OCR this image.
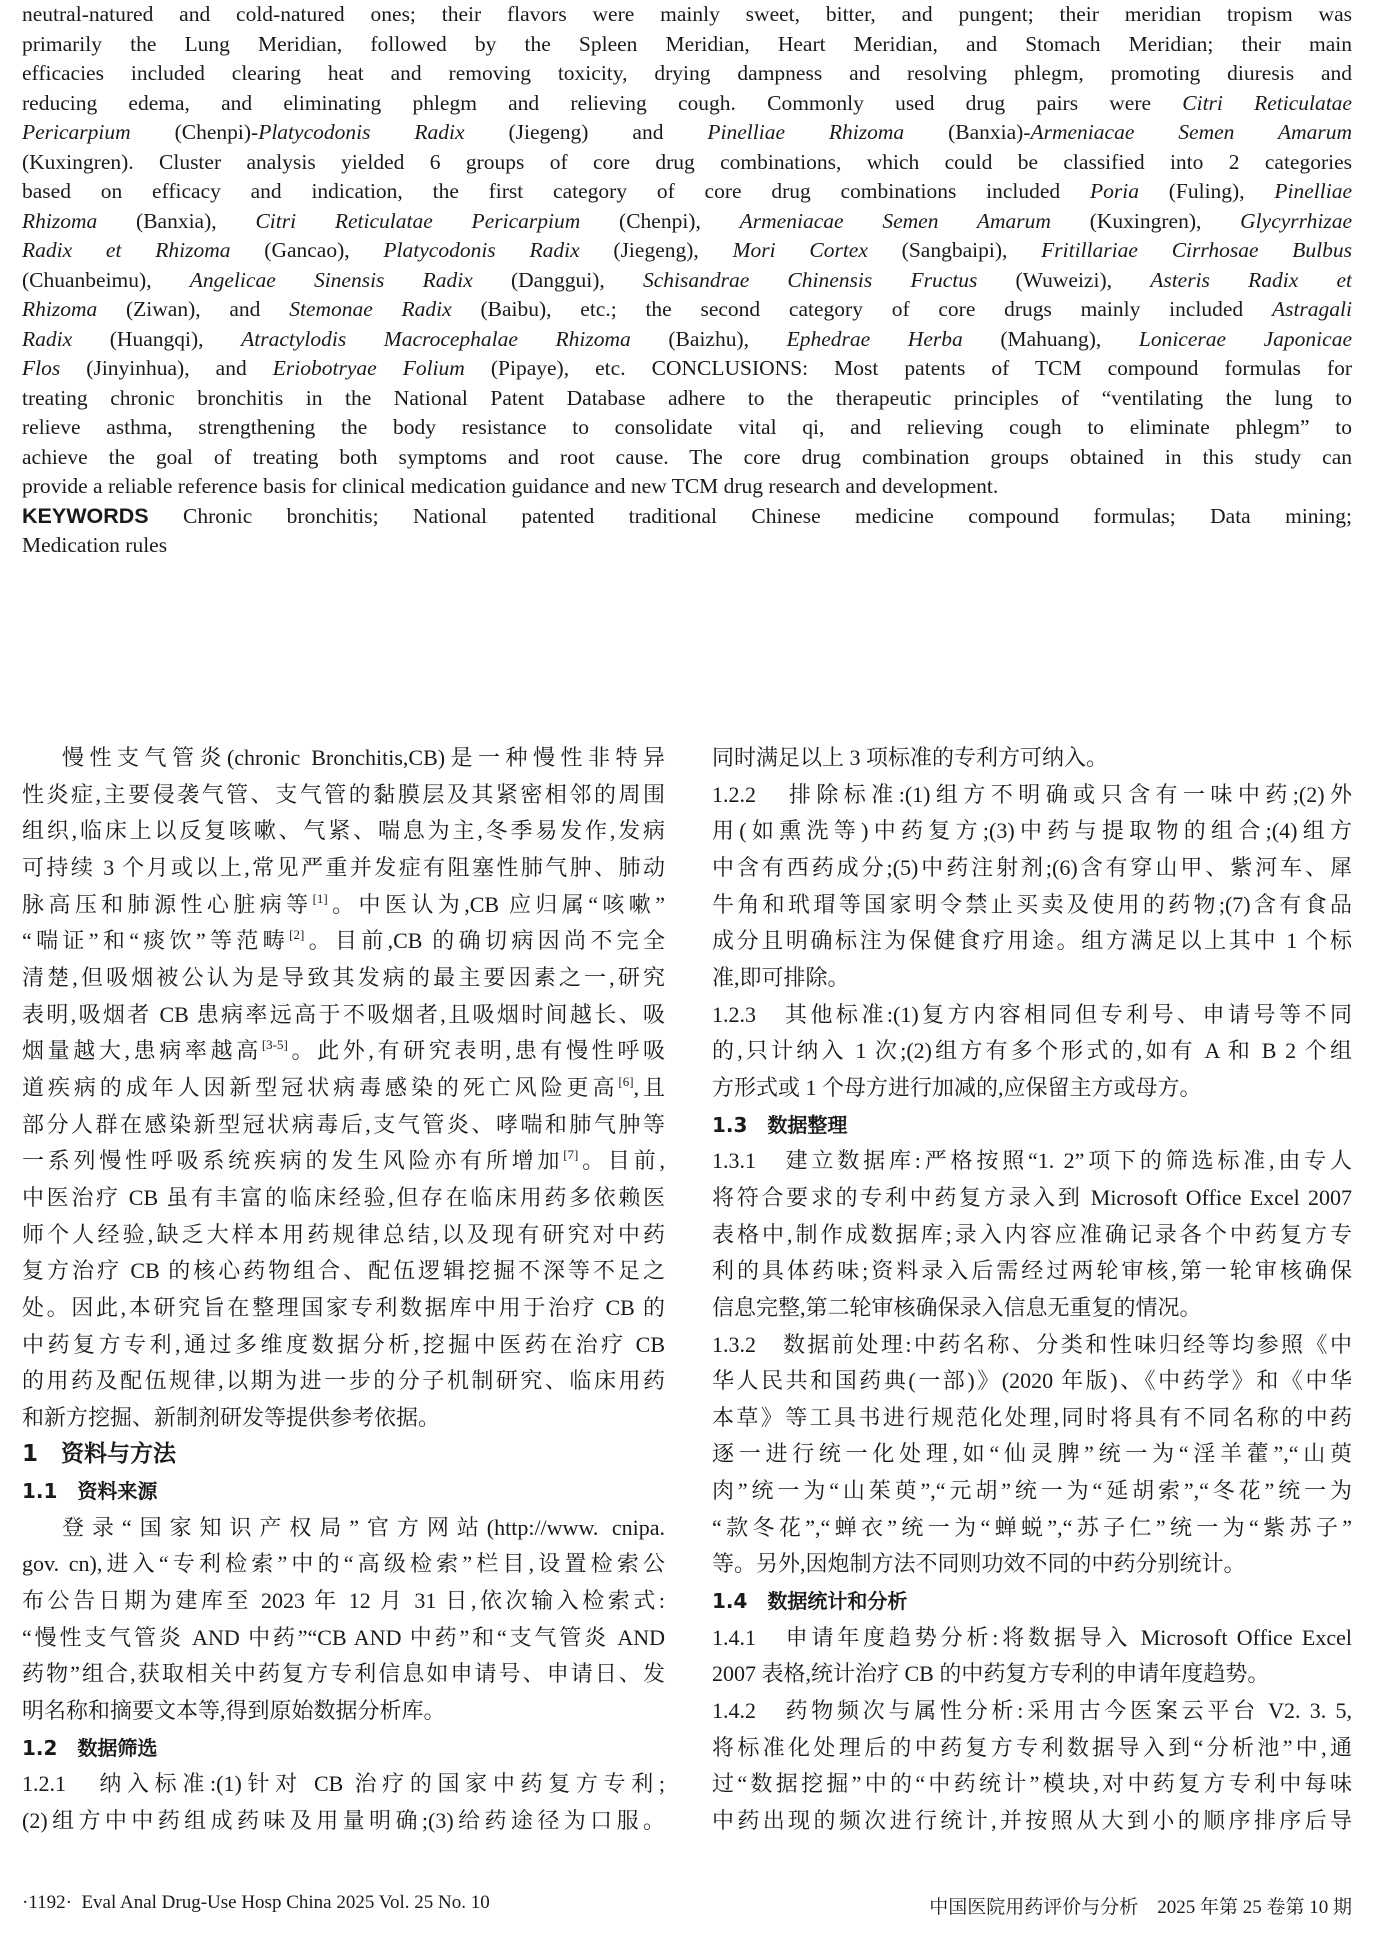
neutral-natured and cold-natured ones; their flavors were mainly sweet, bitter, and pungent; their meridian tropism was
primarily the Lung Meridian, followed by the Spleen Meridian, Heart Meridian, and Stomach Meridian; their main
efficacies included clearing heat and removing toxicity, drying dampness and resolving phlegm, promoting diuresis and
reducing edema, and eliminating phlegm and relieving cough. Commonly used drug pairs were Citri Reticulatae
Pericarpium (Chenpi)-Platycodonis Radix (Jiegeng) and Pinelliae Rhizoma (Banxia)-Armeniacae Semen Amarum
(Kuxingren). Cluster analysis yielded 6 groups of core drug combinations, which could be classified into 2 categories
based on efficacy and indication, the first category of core drug combinations included Poria (Fuling), Pinelliae
Rhizoma (Banxia), Citri Reticulatae Pericarpium (Chenpi), Armeniacae Semen Amarum (Kuxingren), Glycyrrhizae
Radix et Rhizoma (Gancao), Platycodonis Radix (Jiegeng), Mori Cortex (Sangbaipi), Fritillariae Cirrhosae Bulbus
(Chuanbeimu), Angelicae Sinensis Radix (Danggui), Schisandrae Chinensis Fructus (Wuweizi), Asteris Radix et
Rhizoma (Ziwan), and Stemonae Radix (Baibu), etc.; the second category of core drugs mainly included Astragali
Radix (Huangqi), Atractylodis Macrocephalae Rhizoma (Baizhu), Ephedrae Herba (Mahuang), Lonicerae Japonicae
Flos (Jinyinhua), and Eriobotryae Folium (Pipaye), etc. CONCLUSIONS: Most patents of TCM compound formulas for
treating chronic bronchitis in the National Patent Database adhere to the therapeutic principles of “ventilating the lung to
relieve asthma, strengthening the body resistance to consolidate vital qi, and relieving cough to eliminate phlegm” to
achieve the goal of treating both symptoms and root cause. The core drug combination groups obtained in this study can
provide a reliable reference basis for clinical medication guidance and new TCM drug research and development.
KEYWORDS Chronic bronchitis; National patented traditional Chinese medicine compound formulas; Data mining;
Medication rules
慢性支气管炎(chronic Bronchitis,CB)是一种慢性非特异
性炎症,主要侵袭气管、支气管的黏膜层及其紧密相邻的周围
组织,临床上以反复咳嗽、气紧、喘息为主,冬季易发作,发病
可持续 3 个月或以上,常见严重并发症有阻塞性肺气肿、肺动
脉高压和肺源性心脏病等[1]。中医认为,CB 应归属“咳嗽”
“喘证”和“痰饮”等范畴[2]。目前,CB 的确切病因尚不完全
清楚,但吸烟被公认为是导致其发病的最主要因素之一,研究
表明,吸烟者 CB 患病率远高于不吸烟者,且吸烟时间越长、吸
烟量越大,患病率越高[3-5]。此外,有研究表明,患有慢性呼吸
道疾病的成年人因新型冠状病毒感染的死亡风险更高[6],且
部分人群在感染新型冠状病毒后,支气管炎、哮喘和肺气肿等
一系列慢性呼吸系统疾病的发生风险亦有所增加[7]。目前,
中医治疗 CB 虽有丰富的临床经验,但存在临床用药多依赖医
师个人经验,缺乏大样本用药规律总结,以及现有研究对中药
复方治疗 CB 的核心药物组合、配伍逻辑挖掘不深等不足之
处。因此,本研究旨在整理国家专利数据库中用于治疗 CB 的
中药复方专利,通过多维度数据分析,挖掘中医药在治疗 CB
的用药及配伍规律,以期为进一步的分子机制研究、临床用药
和新方挖掘、新制剂研发等提供参考依据。
1　资料与方法
1.1　资料来源
登录“国家知识产权局”官方网站(http://www. cnipa.
gov. cn),进入“专利检索”中的“高级检索”栏目,设置检索公
布公告日期为建库至 2023 年 12 月 31 日,依次输入检索式:
“慢性支气管炎 AND 中药”“CB AND 中药”和“支气管炎 AND
药物”组合,获取相关中药复方专利信息如申请号、申请日、发
明名称和摘要文本等,得到原始数据分析库。
1.2　数据筛选
1.2.1　纳入标准:(1)针对 CB 治疗的国家中药复方专利;
(2)组方中中药组成药味及用量明确;(3)给药途径为口服。
同时满足以上 3 项标准的专利方可纳入。
1.2.2　排除标准:(1)组方不明确或只含有一味中药;(2)外
用(如熏洗等)中药复方;(3)中药与提取物的组合;(4)组方
中含有西药成分;(5)中药注射剂;(6)含有穿山甲、紫河车、犀
牛角和玳瑁等国家明令禁止买卖及使用的药物;(7)含有食品
成分且明确标注为保健食疗用途。组方满足以上其中 1 个标
准,即可排除。
1.2.3　其他标准:(1)复方内容相同但专利号、申请号等不同
的,只计纳入 1 次;(2)组方有多个形式的,如有 A 和 B 2 个组
方形式或 1 个母方进行加减的,应保留主方或母方。
1.3　数据整理
1.3.1　建立数据库:严格按照“1. 2”项下的筛选标准,由专人
将符合要求的专利中药复方录入到 Microsoft Office Excel 2007
表格中,制作成数据库;录入内容应准确记录各个中药复方专
利的具体药味;资料录入后需经过两轮审核,第一轮审核确保
信息完整,第二轮审核确保录入信息无重复的情况。
1.3.2　数据前处理:中药名称、分类和性味归经等均参照《中
华人民共和国药典(一部)》(2020 年版)、《中药学》和《中华
本草》等工具书进行规范化处理,同时将具有不同名称的中药
逐一进行统一化处理,如“仙灵脾”统一为“淫羊藿”,“山萸
肉”统一为“山茱萸”,“元胡”统一为“延胡索”,“冬花”统一为
“款冬花”,“蝉衣”统一为“蝉蜕”,“苏子仁”统一为“紫苏子”
等。另外,因炮制方法不同则功效不同的中药分别统计。
1.4　数据统计和分析
1.4.1　申请年度趋势分析:将数据导入 Microsoft Office Excel
2007 表格,统计治疗 CB 的中药复方专利的申请年度趋势。
1.4.2　药物频次与属性分析:采用古今医案云平台 V2. 3. 5,
将标准化处理后的中药复方专利数据导入到“分析池”中,通
过“数据挖掘”中的“中药统计”模块,对中药复方专利中每味
中药出现的频次进行统计,并按照从大到小的顺序排序后导
·1192·  Eval Anal Drug-Use Hosp China 2025 Vol. 25 No. 10	中国医院用药评价与分析　2025 年第 25 卷第 10 期
